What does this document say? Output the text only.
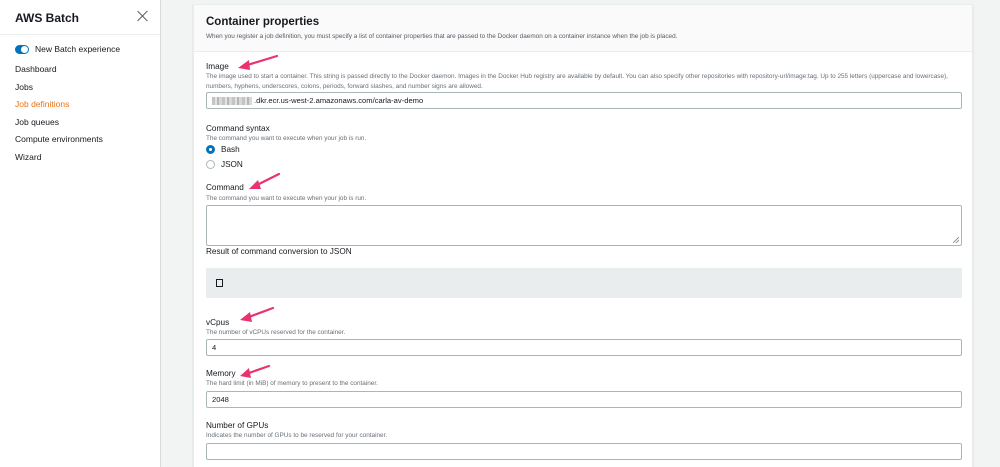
AWS Batch
New Batch experience
Dashboard
Jobs
Job definitions
Job queues
Compute environments
Wizard
Container properties
When you register a job definition, you must specify a list of container properties that are passed to the Docker daemon on a container instance when the job is placed.
Image
The image used to start a container. This string is passed directly to the Docker daemon. Images in the Docker Hub registry are available by default. You can also specify other repositories with repository-url/image:tag. Up to 255 letters (uppercase and lowercase), numbers, hyphens, underscores, colons, periods, forward slashes, and number signs are allowed.
.dkr.ecr.us-west-2.amazonaws.com/carla-av-demo
Command syntax
The command you want to execute when your job is run.
Bash
JSON
Command
The command you want to execute when your job is run.
Result of command conversion to JSON
vCpus
The number of vCPUs reserved for the container.
4
Memory
The hard limit (in MiB) of memory to present to the container.
2048
Number of GPUs
Indicates the number of GPUs to be reserved for your container.
